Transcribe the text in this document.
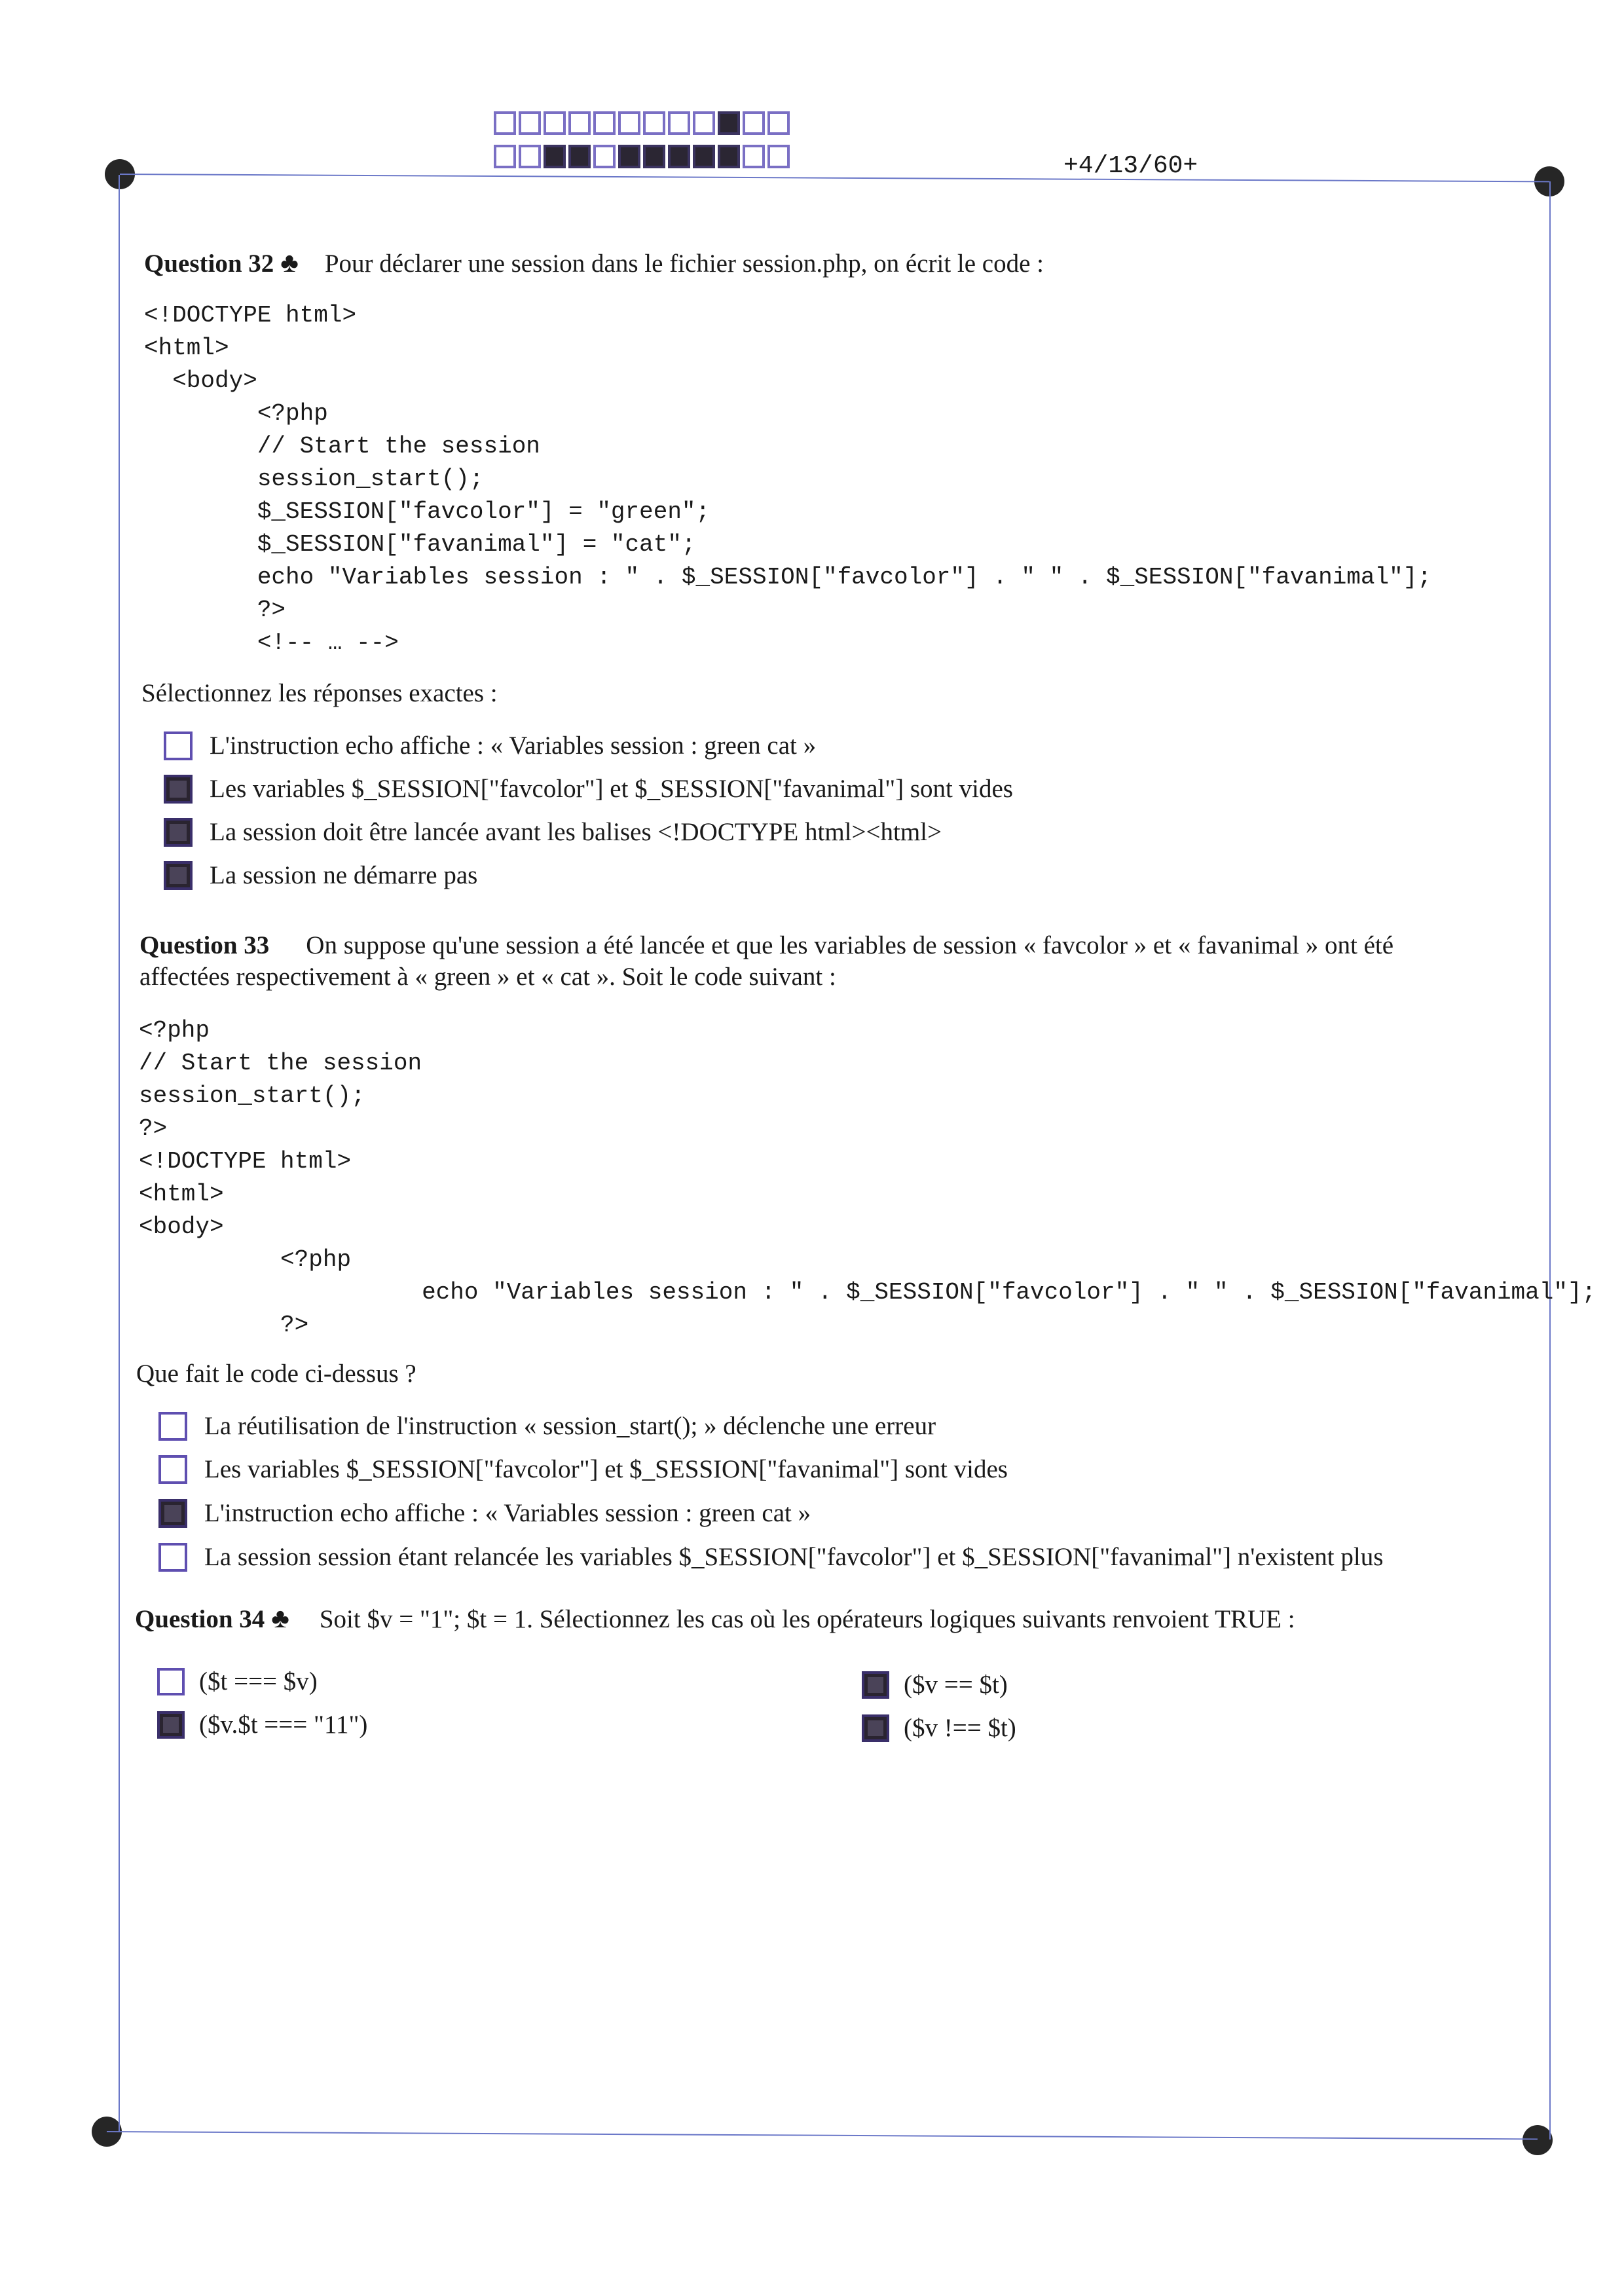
+4/13/60+
Question 32 ♣ Pour déclarer une session dans le fichier session.php, on écrit le code :
<!DOCTYPE html>
<html>
<body>
<?php
// Start the session
session_start();
$_SESSION["favcolor"] = "green";
$_SESSION["favanimal"] = "cat";
echo "Variables session : " . $_SESSION["favcolor"] . " " . $_SESSION["favanimal"];
?>
<!-- … -->
Sélectionnez les réponses exactes :
L'instruction echo affiche : « Variables session : green cat »
Les variables $_SESSION["favcolor"] et $_SESSION["favanimal"] sont vides
La session doit être lancée avant les balises <!DOCTYPE html><html>
La session ne démarre pas
Question 33 On suppose qu'une session a été lancée et que les variables de session « favcolor » et « favanimal » ont été
affectées respectivement à « green » et « cat ». Soit le code suivant :
<?php
// Start the session
session_start();
?>
<!DOCTYPE html>
<html>
<body>
<?php
echo "Variables session : " . $_SESSION["favcolor"] . " " . $_SESSION["favanimal"];
?>
Que fait le code ci-dessus ?
La réutilisation de l'instruction « session_start(); » déclenche une erreur
Les variables $_SESSION["favcolor"] et $_SESSION["favanimal"] sont vides
L'instruction echo affiche : « Variables session : green cat »
La session session étant relancée les variables $_SESSION["favcolor"] et $_SESSION["favanimal"] n'existent plus
Question 34 ♣ Soit $v = "1"; $t = 1. Sélectionnez les cas où les opérateurs logiques suivants renvoient TRUE :
($t === $v)
($v.$t === "11")
($v == $t)
($v !== $t)
